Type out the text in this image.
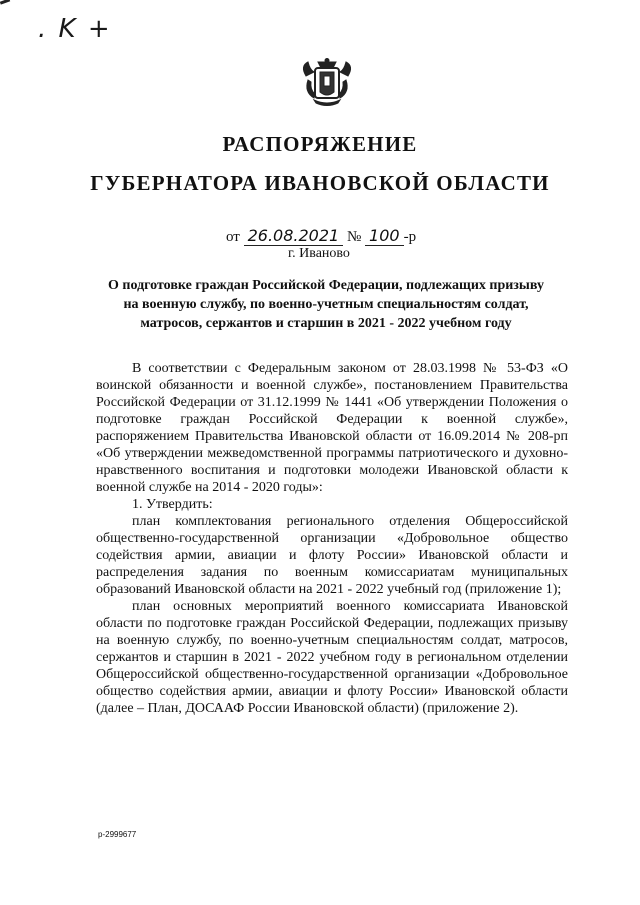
. K +
РАСПОРЯЖЕНИЕ
ГУБЕРНАТОРА ИВАНОВСКОЙ ОБЛАСТИ
от 26.08.2021 № 100 -р
г. Иваново
О подготовке граждан Российской Федерации, подлежащих призыву на военную службу, по военно-учетным специальностям солдат, матросов, сержантов и старшин в 2021 - 2022 учебном году

В соответствии с Федеральным законом от 28.03.1998 № 53-ФЗ «О воинской обязанности и военной службе», постановлением Правительства Российской Федерации от 31.12.1999 № 1441 «Об утверждении Положения о подготовке граждан Российской Федерации к военной службе», распоряжением Правительства Ивановской области от 16.09.2014 № 208-рп «Об утверждении межведомственной программы патриотического и духовно-нравственного воспитания и подготовки молодежи Ивановской области к военной службе на 2014 - 2020 годы»:

1. Утвердить:

план комплектования регионального отделения Общероссийской общественно-государственной организации «Добровольное общество содействия армии, авиации и флоту России» Ивановской области и распределения задания по военным комиссариатам муниципальных образований Ивановской области на 2021 - 2022 учебный год (приложение 1);

план основных мероприятий военного комиссариата Ивановской области по подготовке граждан Российской Федерации, подлежащих призыву на военную службу, по военно-учетным специальностям солдат, матросов, сержантов и старшин в 2021 - 2022 учебном году в региональном отделении Общероссийской общественно-государственной организации «Добровольное общество содействия армии, авиации и флоту России» Ивановской области (далее – План, ДОСААФ России Ивановской области) (приложение 2).

р-2999677
